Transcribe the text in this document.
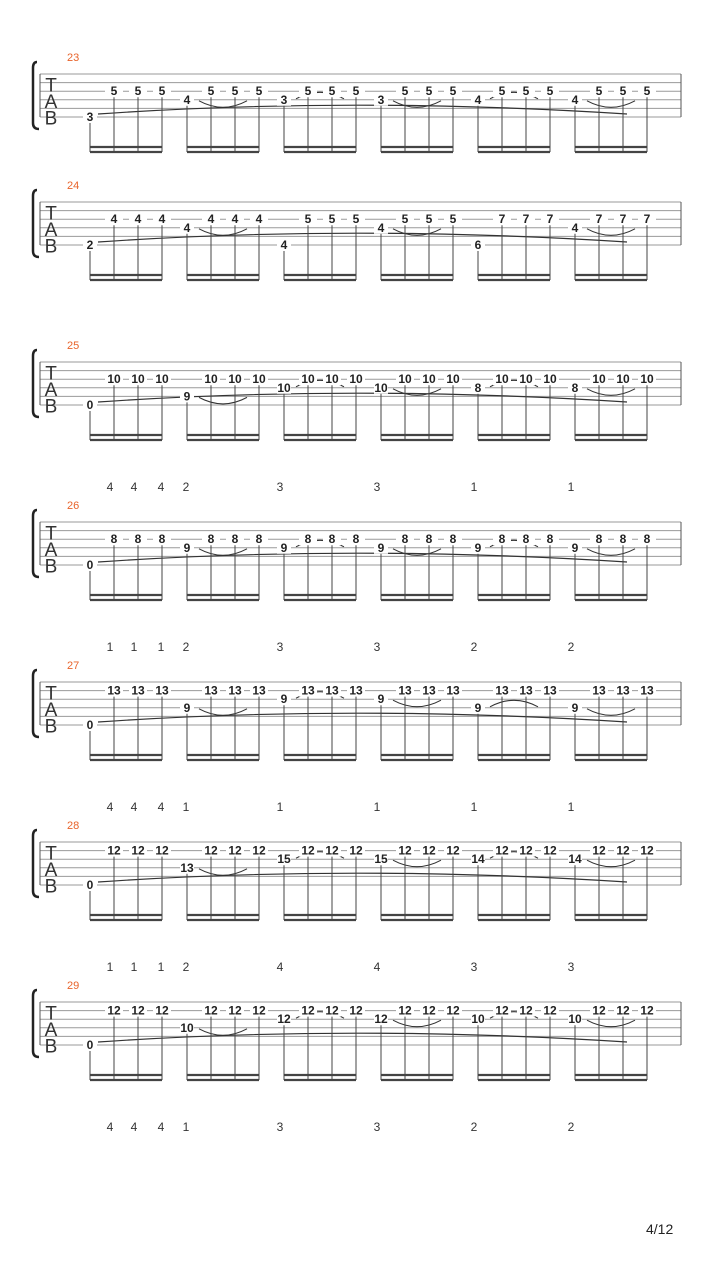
23
T
A
B 3
5 5 5
4
5 5 5
3
5 5 5
3
5 5 5
4
5 5 5
4
5 5 5
24
T
A
B 2
4 4 4
4
4 4 4
4
5 5 5
4
5 5 5
6
7 7 7
4
7 7 7
25
T
A
B 0
10 10 10
9
10 10 10
10
10 10 10
10
10 10 10
8
10 10 10
8
10 10 10
4 4 4 2	3	3	1	1
26
T
A
B 0
8 8 8
9
8 8 8
9
8 8 8
9
8 8 8
9
8 8 8
9
8 8 8
1 1 1 2	3	3	2	2
27
T
A
B 0
13 13 13
9
13 13 13
9
13 13 13
9
13 13 13
9
13 13 13
9
13 13 13
4 4 4 1	1	1	1	1
28
T
A
B 0
12 12 12
13
12 12 12
15
12 12 12
15
12 12 12
14
12 12 12
14
12 12 12
1 1 1 2	4	4	3	3
29
T
A
B 0
12 12 12
10
12 12 12
12
12 12 12
12
12 12 12
10
12 12 12
10
12 12 12
4 4 4 1	3	3	2	2
4/12
